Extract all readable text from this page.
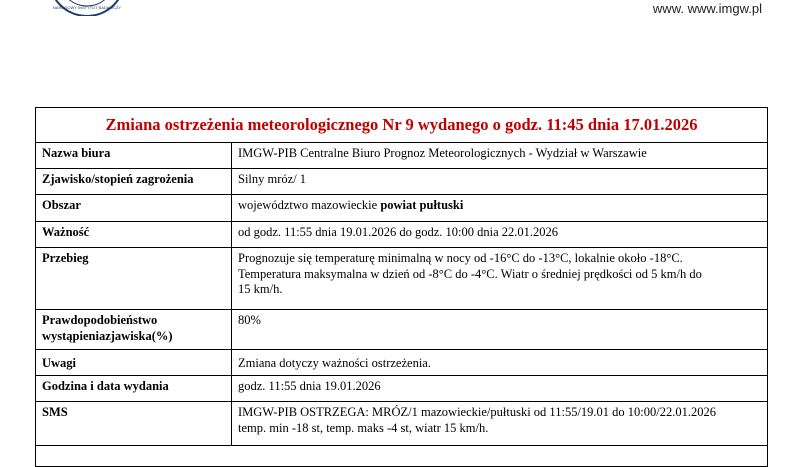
NARODOWY INSTYTUT BADAWCZY	www. www.imgw.pl
Zmiana ostrzeżenia meteorologicznego Nr 9 wydanego o godz. 11:45 dnia 17.01.2026
Nazwa biura	IMGW-PIB Centralne Biuro Prognoz Meteorologicznych - Wydział w Warszawie
Zjawisko/stopień zagrożenia	Silny mróz/ 1
Obszar	województwo mazowieckie powiat pułtuski
Ważność	od godz. 11:55 dnia 19.01.2026 do godz. 10:00 dnia 22.01.2026
Przebieg	Prognozuje się temperaturę minimalną w nocy od -16°C do -13°C, lokalnie około -18°C.
Temperatura maksymalna w dzień od -8°C do -4°C. Wiatr o średniej prędkości od 5 km/h do
15 km/h.

Prawdopodobieństwo
wystąpieniazjawiska(%)	80%
Uwagi	Zmiana dotyczy ważności ostrzeżenia.
Godzina i data wydania	godz. 11:55 dnia 19.01.2026
SMS	IMGW-PIB OSTRZEGA: MRÓZ/1 mazowieckie/pułtuski od 11:55/19.01 do 10:00/22.01.2026
temp. min -18 st, temp. maks -4 st, wiatr 15 km/h.
